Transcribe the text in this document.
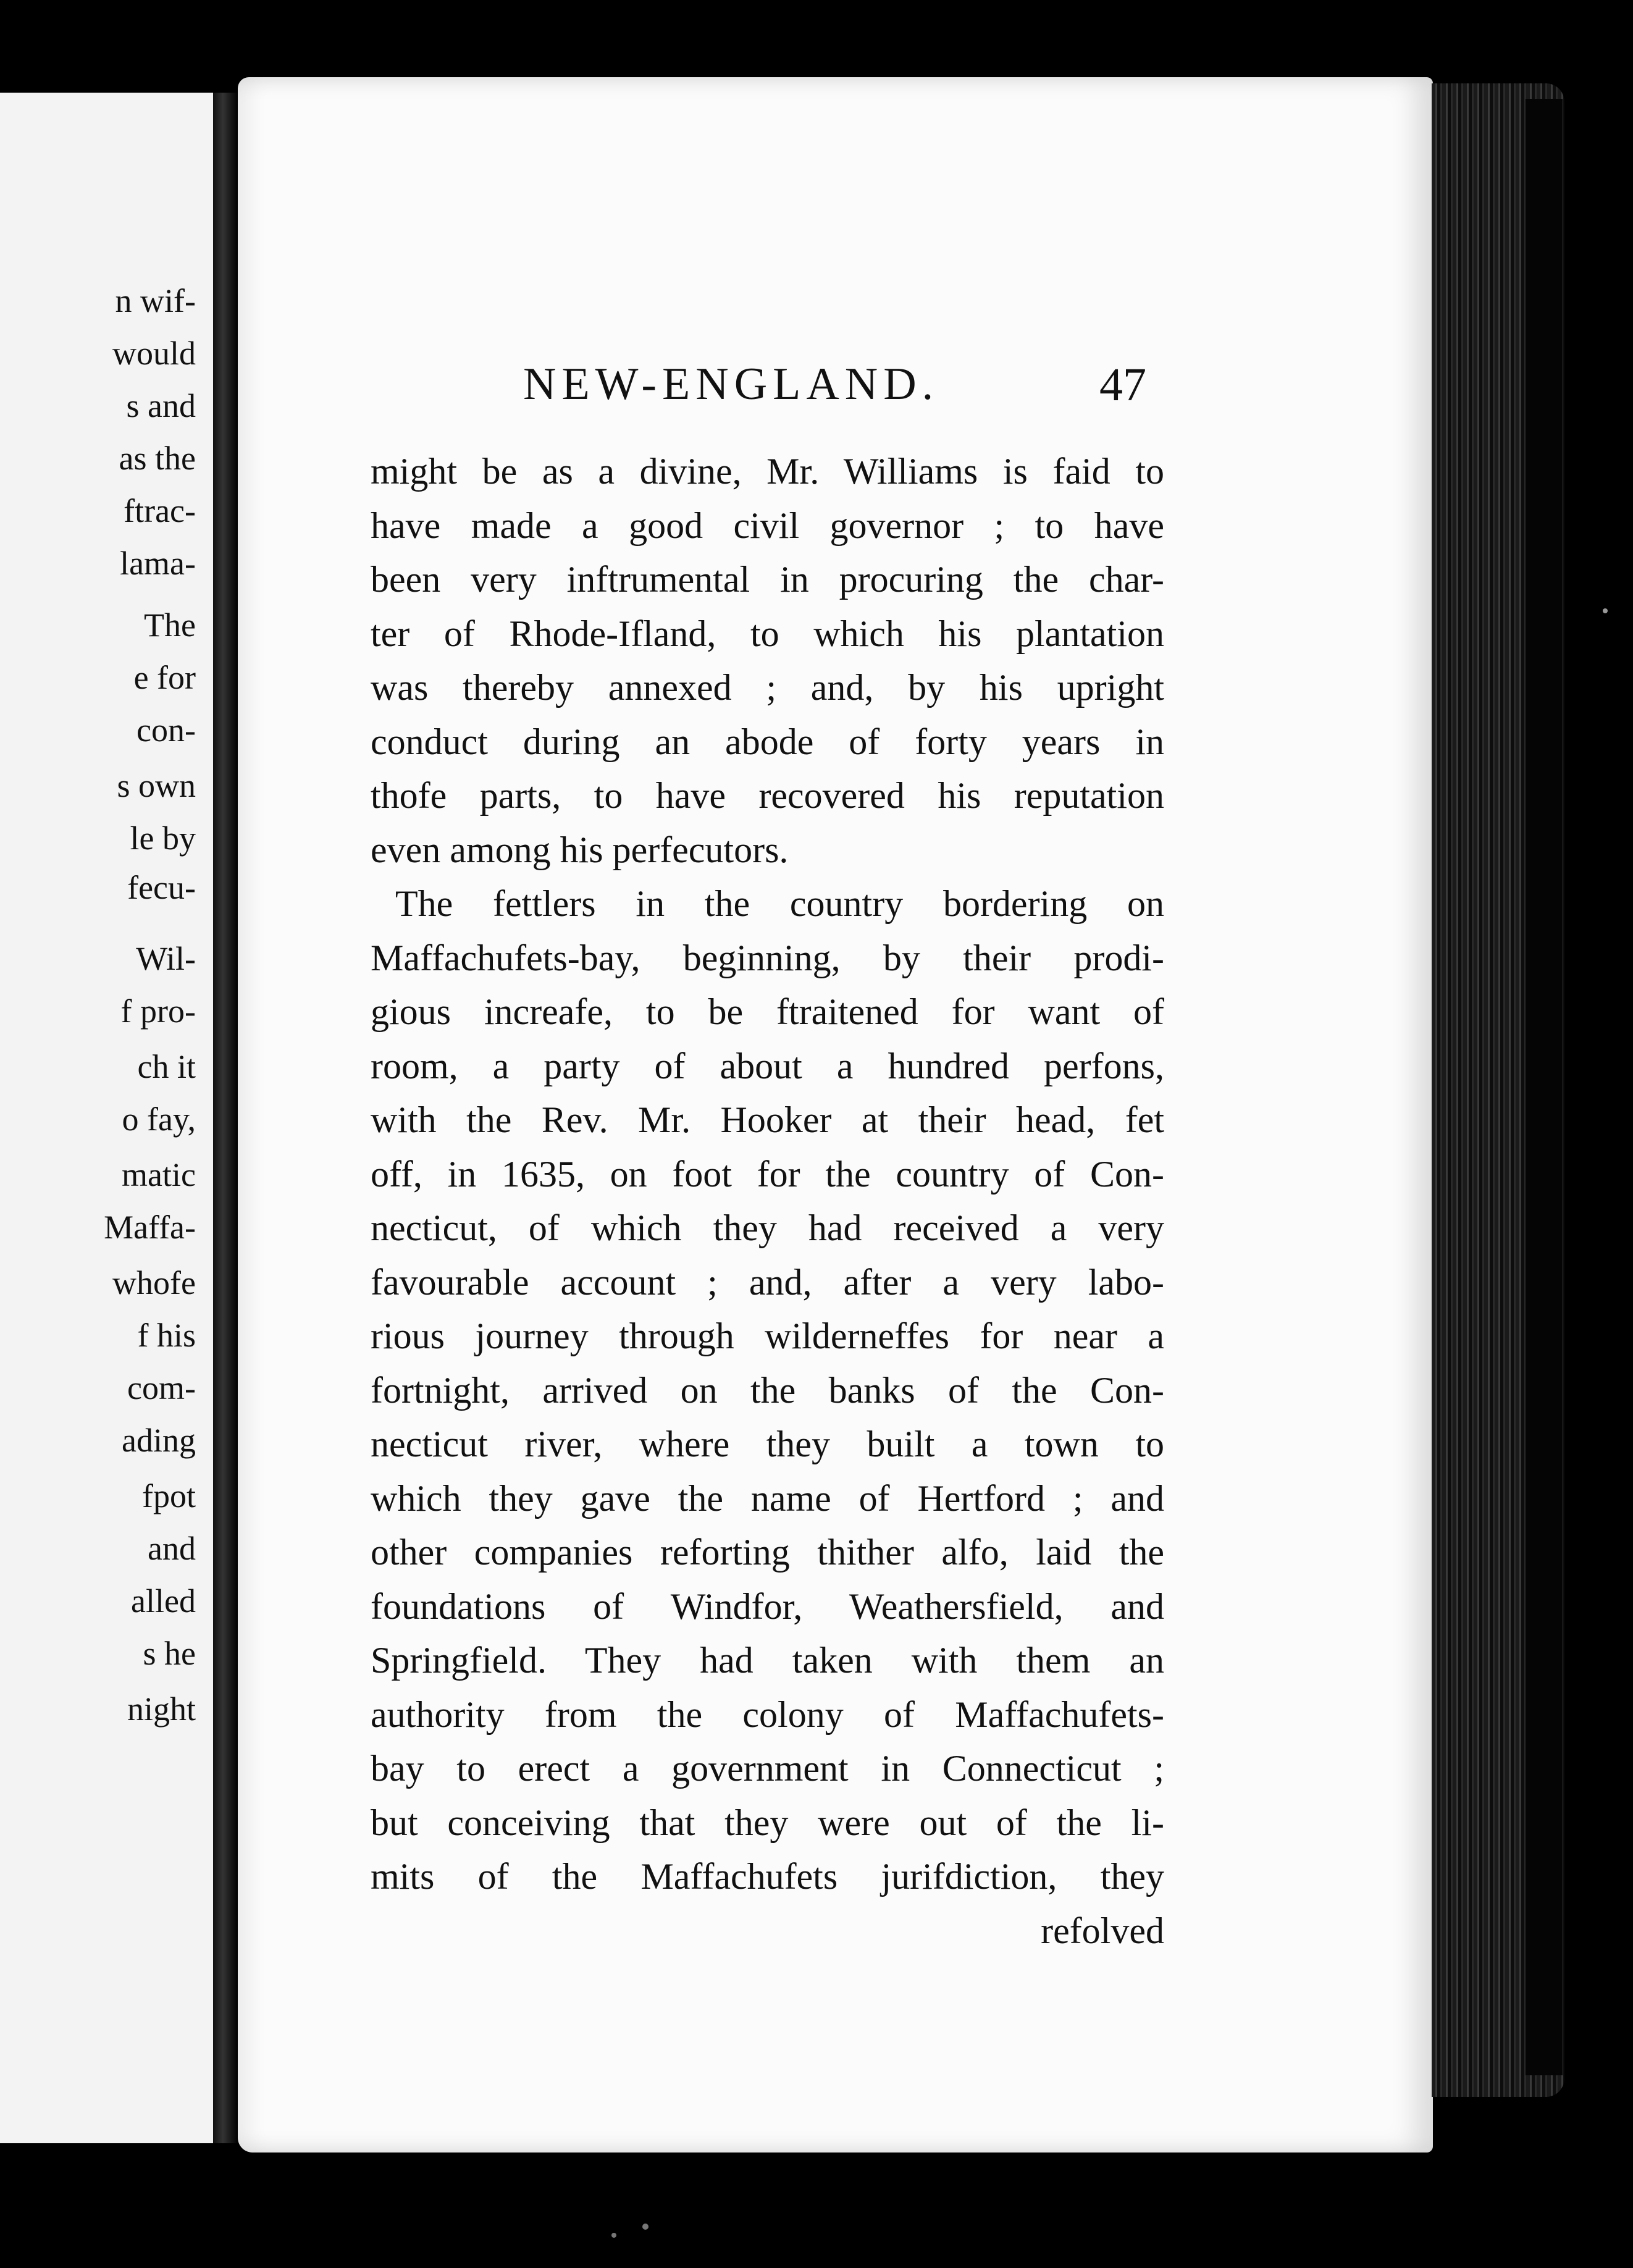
n wif-
would
s and
as the
ftrac-
lama-
The
e for
con-
s own
le by
fecu-
Wil-
f pro-
ch it
o fay,
matic
Maffa-
whofe
f his
com-
ading
fpot
and
alled
s he
night
NEW-ENGLAND.	47
might be as a divine, Mr. Williams is faid to
have made a good civil governor ; to have
been very inftrumental in procuring the char-
ter of Rhode-Ifland, to which his plantation
was thereby annexed ; and, by his upright
conduct during an abode of forty years in
thofe parts, to have recovered his reputation
even among his perfecutors.
The fettlers in the country bordering on
Maffachufets-bay, beginning, by their prodi-
gious increafe, to be ftraitened for want of
room, a party of about a hundred perfons,
with the Rev. Mr. Hooker at their head, fet
off, in 1635, on foot for the country of Con-
necticut, of which they had received a very
favourable account ; and, after a very labo-
rious journey through wilderneffes for near a
fortnight, arrived on the banks of the Con-
necticut river, where they built a town to
which they gave the name of Hertford ; and
other companies reforting thither alfo, laid the
foundations of Windfor, Weathersfield, and
Springfield. They had taken with them an
authority from the colony of Maffachufets-
bay to erect a government in Connecticut ;
but conceiving that they were out of the li-
mits of the Maffachufets jurifdiction, they
refolved
